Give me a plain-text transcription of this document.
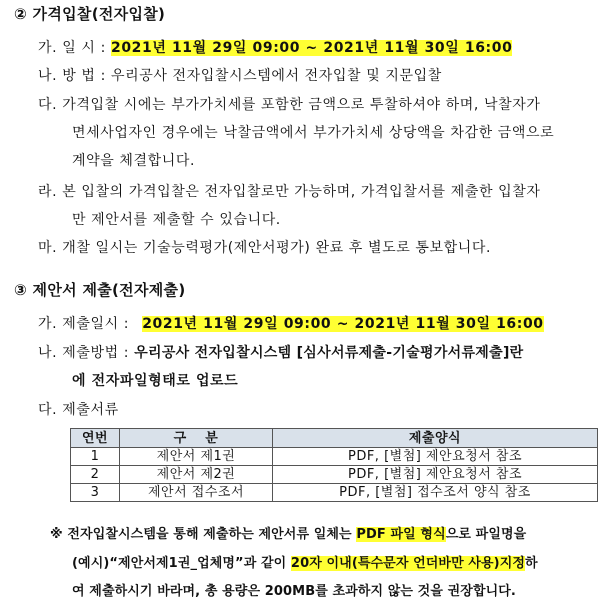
② 가격입찰(전자입찰)
가. 일 시 : 2021년 11월 29일 09:00 ~ 2021년 11월 30일 16:00
나. 방 법 : 우리공사 전자입찰시스템에서 전자입찰 및 지문입찰
다. 가격입찰 시에는 부가가치세를 포함한 금액으로 투찰하셔야 하며, 낙찰자가
면세사업자인 경우에는 낙찰금액에서 부가가치세 상당액을 차감한 금액으로
계약을 체결합니다.
라. 본 입찰의 가격입찰은 전자입찰로만 가능하며, 가격입찰서를 제출한 입찰자
만 제안서를 제출할 수 있습니다.
마. 개찰 일시는 기술능력평가(제안서평가) 완료 후 별도로 통보합니다.
③ 제안서 제출(전자제출)
가. 제출일시 : 2021년 11월 29일 09:00 ~ 2021년 11월 30일 16:00
나. 제출방법 : 우리공사 전자입찰시스템 [심사서류제출-기술평가서류제출]란
에 전자파일형태로 업로드
다. 제출서류
연번	구　 분	제출양식
1	제안서 제1권	PDF, [별첨] 제안요청서 참조
2	제안서 제2권	PDF, [별첨] 제안요청서 참조
3	제안서 접수조서	PDF, [별첨] 접수조서 양식 참조
※ 전자입찰시스템을 통해 제출하는 제안서류 일체는 PDF 파일 형식으로 파일명을
(예시)“제안서제1권_업체명”과 같이 20자 이내(특수문자 언더바만 사용)지정하
여 제출하시기 바라며, 총 용량은 200MB를 초과하지 않는 것을 권장합니다.
